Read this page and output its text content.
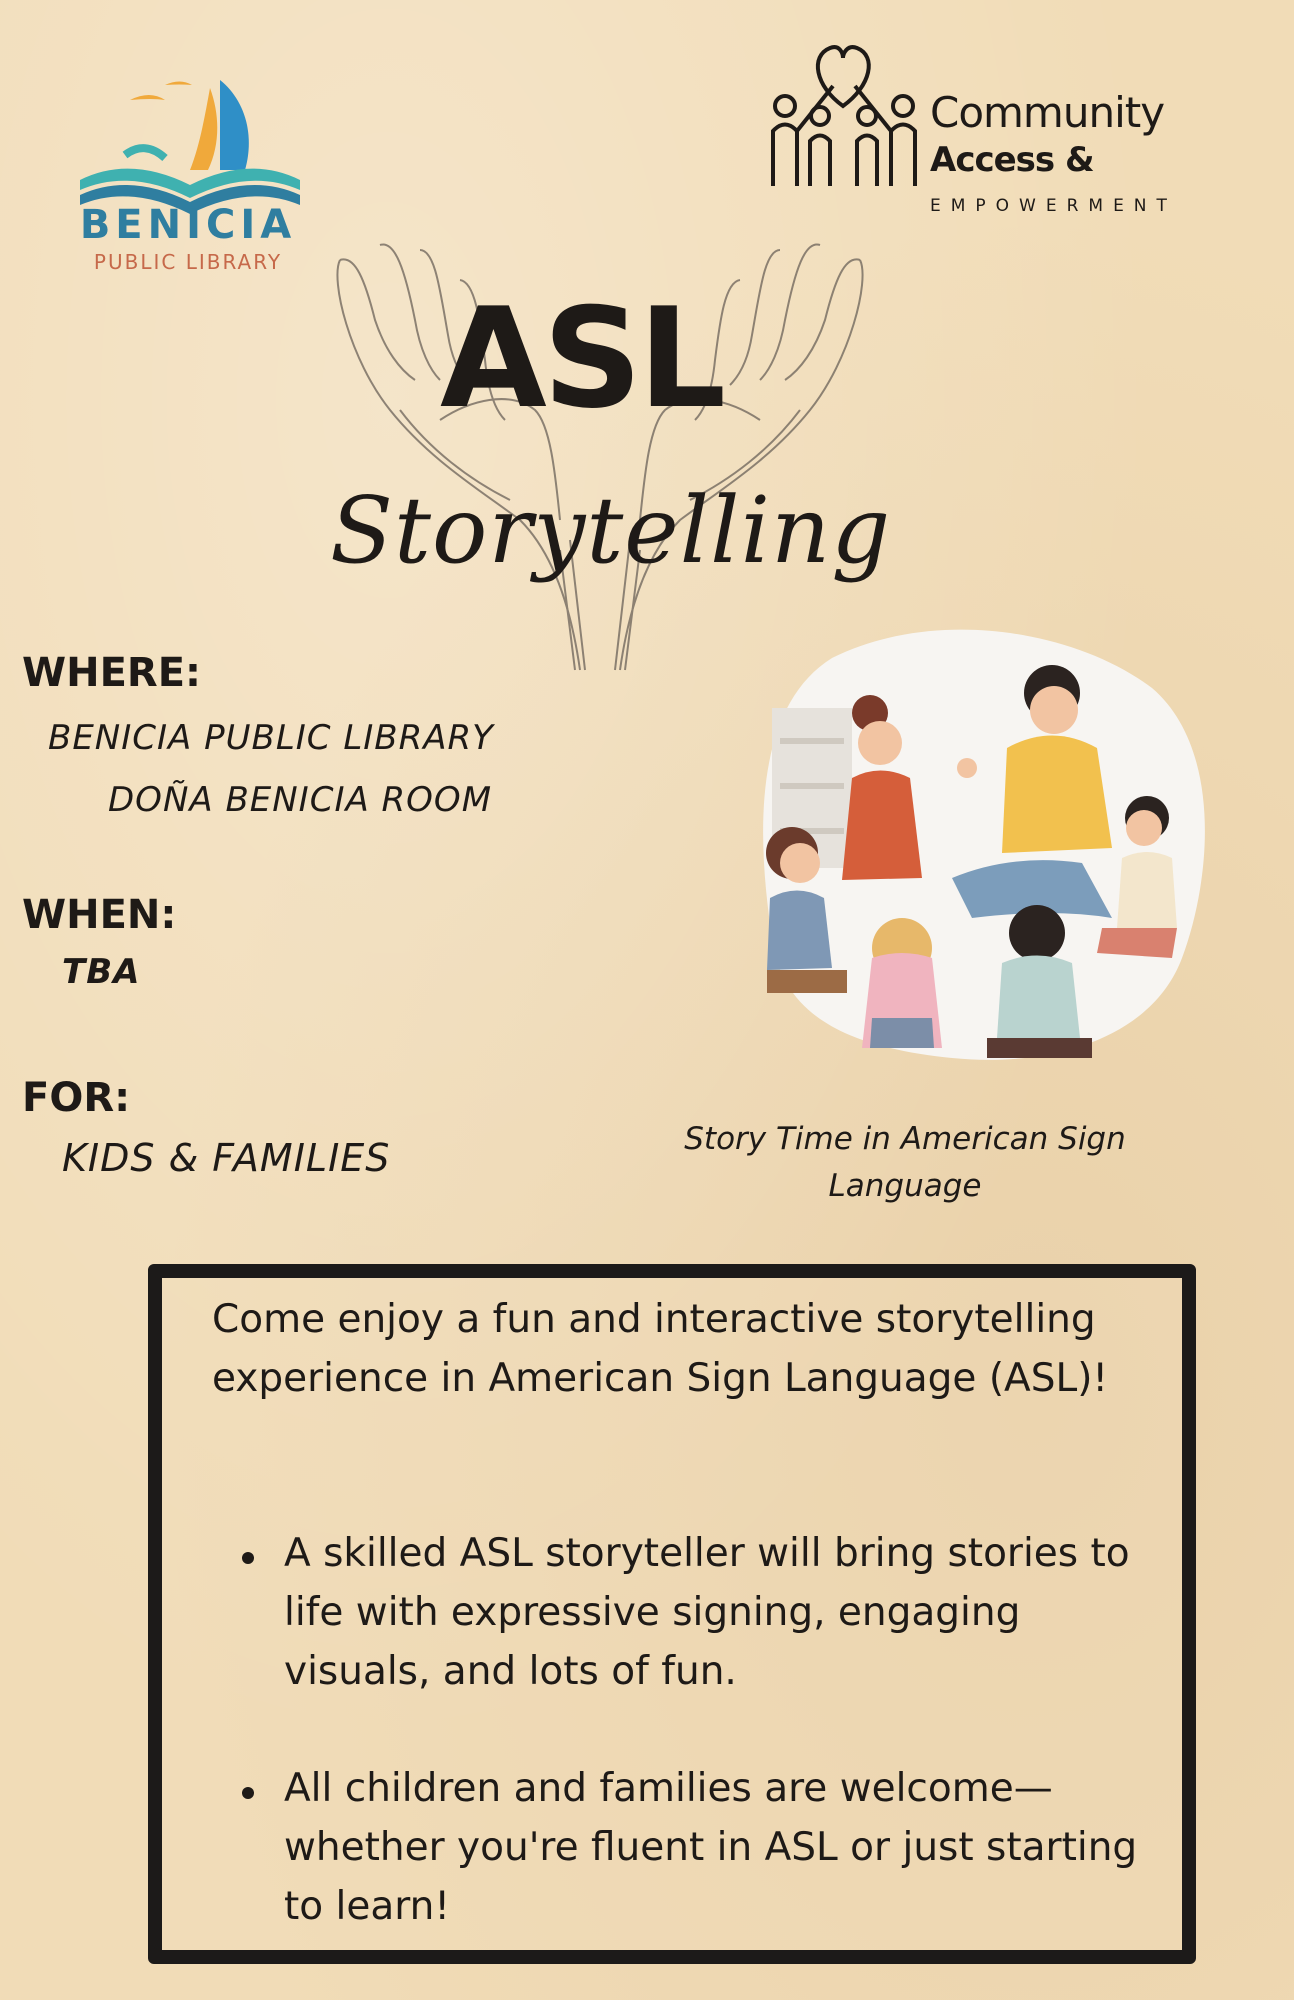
BENICIA
PUBLIC LIBRARY
Community
Access &
EMPOWERMENT
ASL
Storytelling
WHERE:
BENICIA PUBLIC LIBRARY
DOÑA BENICIA ROOM
WHEN:
TBA
FOR:
KIDS & FAMILIES	Story Time in American Sign Language
Come enjoy a fun and interactive storytelling experience in American Sign Language (ASL)!
A skilled ASL storyteller will bring stories to life with expressive signing, engaging visuals, and lots of fun.
All children and families are welcome—whether you're fluent in ASL or just starting to learn!
